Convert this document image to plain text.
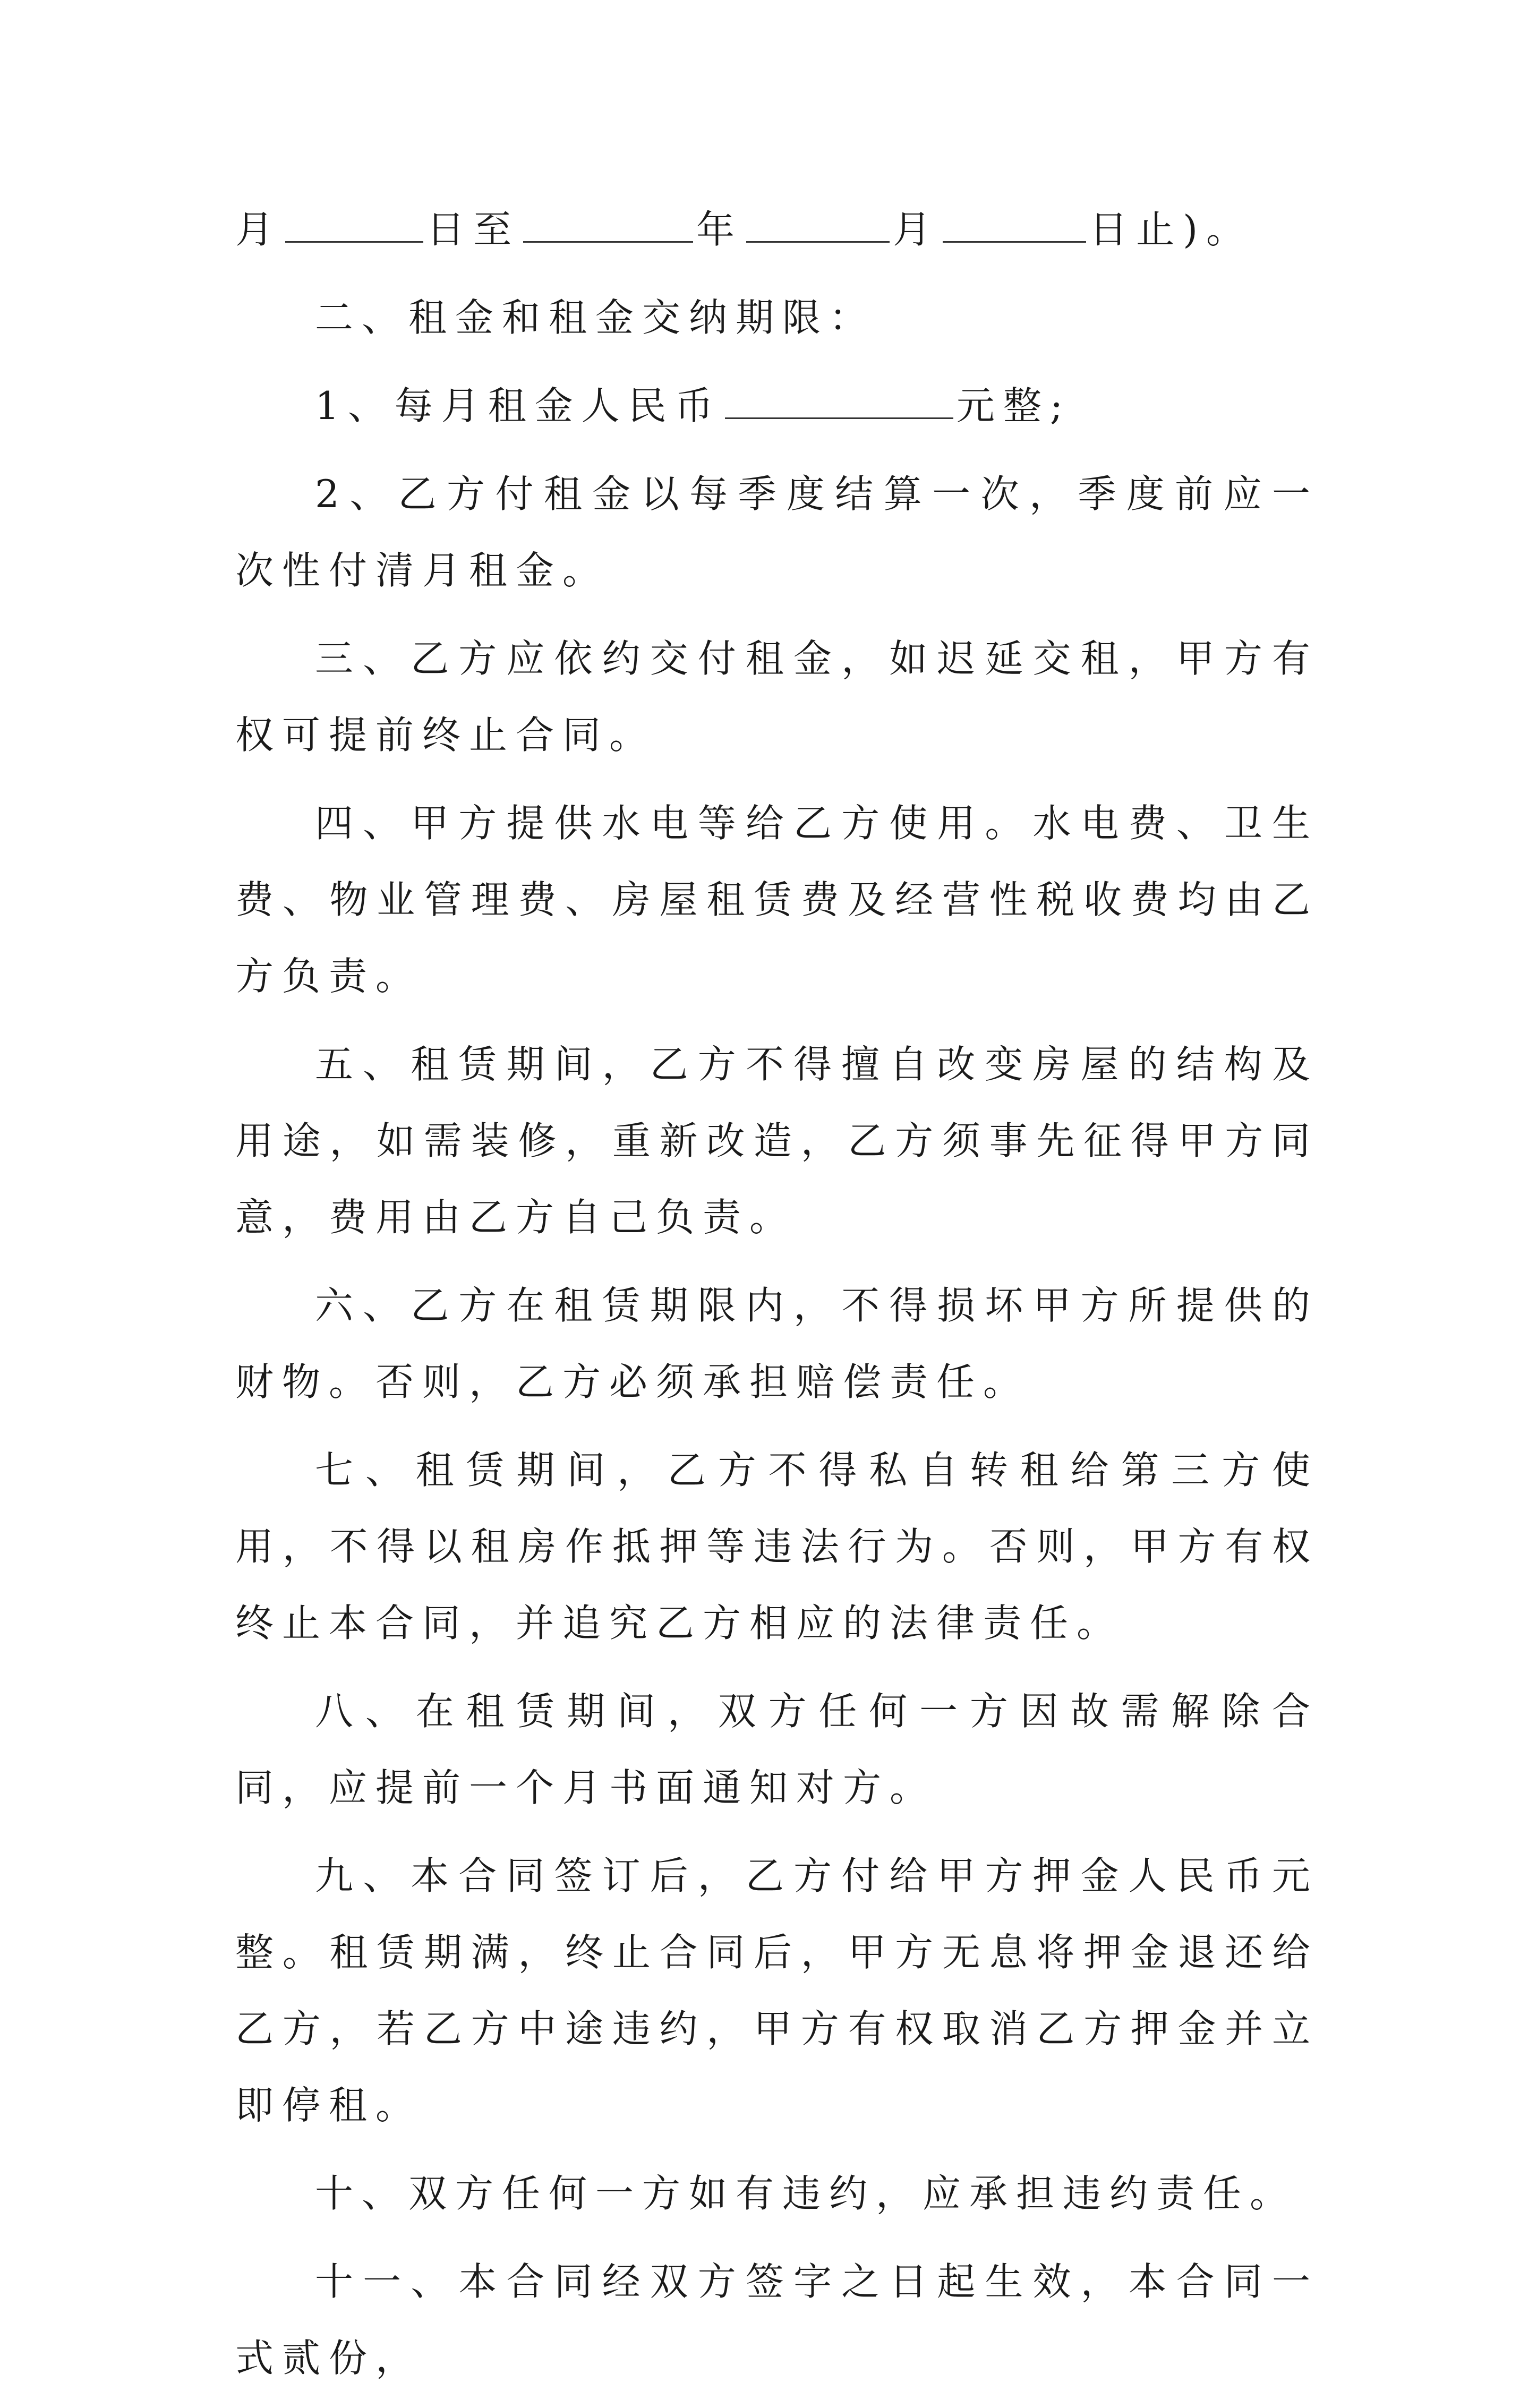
月	日至	年	月	日止)。

二、租金和租金交纳期限：

1、每月租金人民币	元整;

2、乙方付租金以每季度结算一次，季度前应一次性付清月租金。

三、乙方应依约交付租金，如迟延交租，甲方有权可提前终止合同。

四、甲方提供水电等给乙方使用。水电费、卫生费、物业管理费、房屋租赁费及经营性税收费均由乙方负责。

五、租赁期间，乙方不得擅自改变房屋的结构及用途，如需装修，重新改造，乙方须事先征得甲方同意，费用由乙方自己负责。

六、乙方在租赁期限内，不得损坏甲方所提供的财物。否则，乙方必须承担赔偿责任。

七、租赁期间，乙方不得私自转租给第三方使用，不得以租房作抵押等违法行为。否则，甲方有权终止本合同，并追究乙方相应的法律责任。

八、在租赁期间，双方任何一方因故需解除合同，应提前一个月书面通知对方。

九、本合同签订后，乙方付给甲方押金人民币元整。租赁期满，终止合同后，甲方无息将押金退还给乙方，若乙方中途违约，甲方有权取消乙方押金并立即停租。

十、双方任何一方如有违约，应承担违约责任。

十一、本合同经双方签字之日起生效，本合同一式贰份，
